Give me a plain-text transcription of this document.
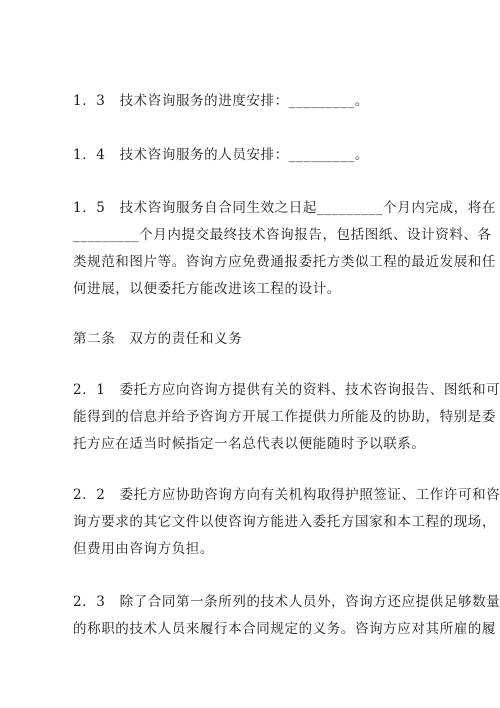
1．3　技术咨询服务的进度安排：_________。
1．4　技术咨询服务的人员安排：_________。
1．5　技术咨询服务自合同生效之日起_________个月内完成，将在
_________个月内提交最终技术咨询报告，包括图纸、设计资料、各
类规范和图片等。咨询方应免费通报委托方类似工程的最近发展和任
何进展，以便委托方能改进该工程的设计。
第二条　双方的责任和义务
2．1　委托方应向咨询方提供有关的资料、技术咨询报告、图纸和可
能得到的信息并给予咨询方开展工作提供力所能及的协助，特别是委
托方应在适当时候指定一名总代表以便能随时予以联系。
2．2　委托方应协助咨询方向有关机构取得护照签证、工作许可和咨
询方要求的其它文件以使咨询方能进入委托方国家和本工程的现场，
但费用由咨询方负担。
2．3　除了合同第一条所列的技术人员外，咨询方还应提供足够数量
的称职的技术人员来履行本合同规定的义务。咨询方应对其所雇的履
